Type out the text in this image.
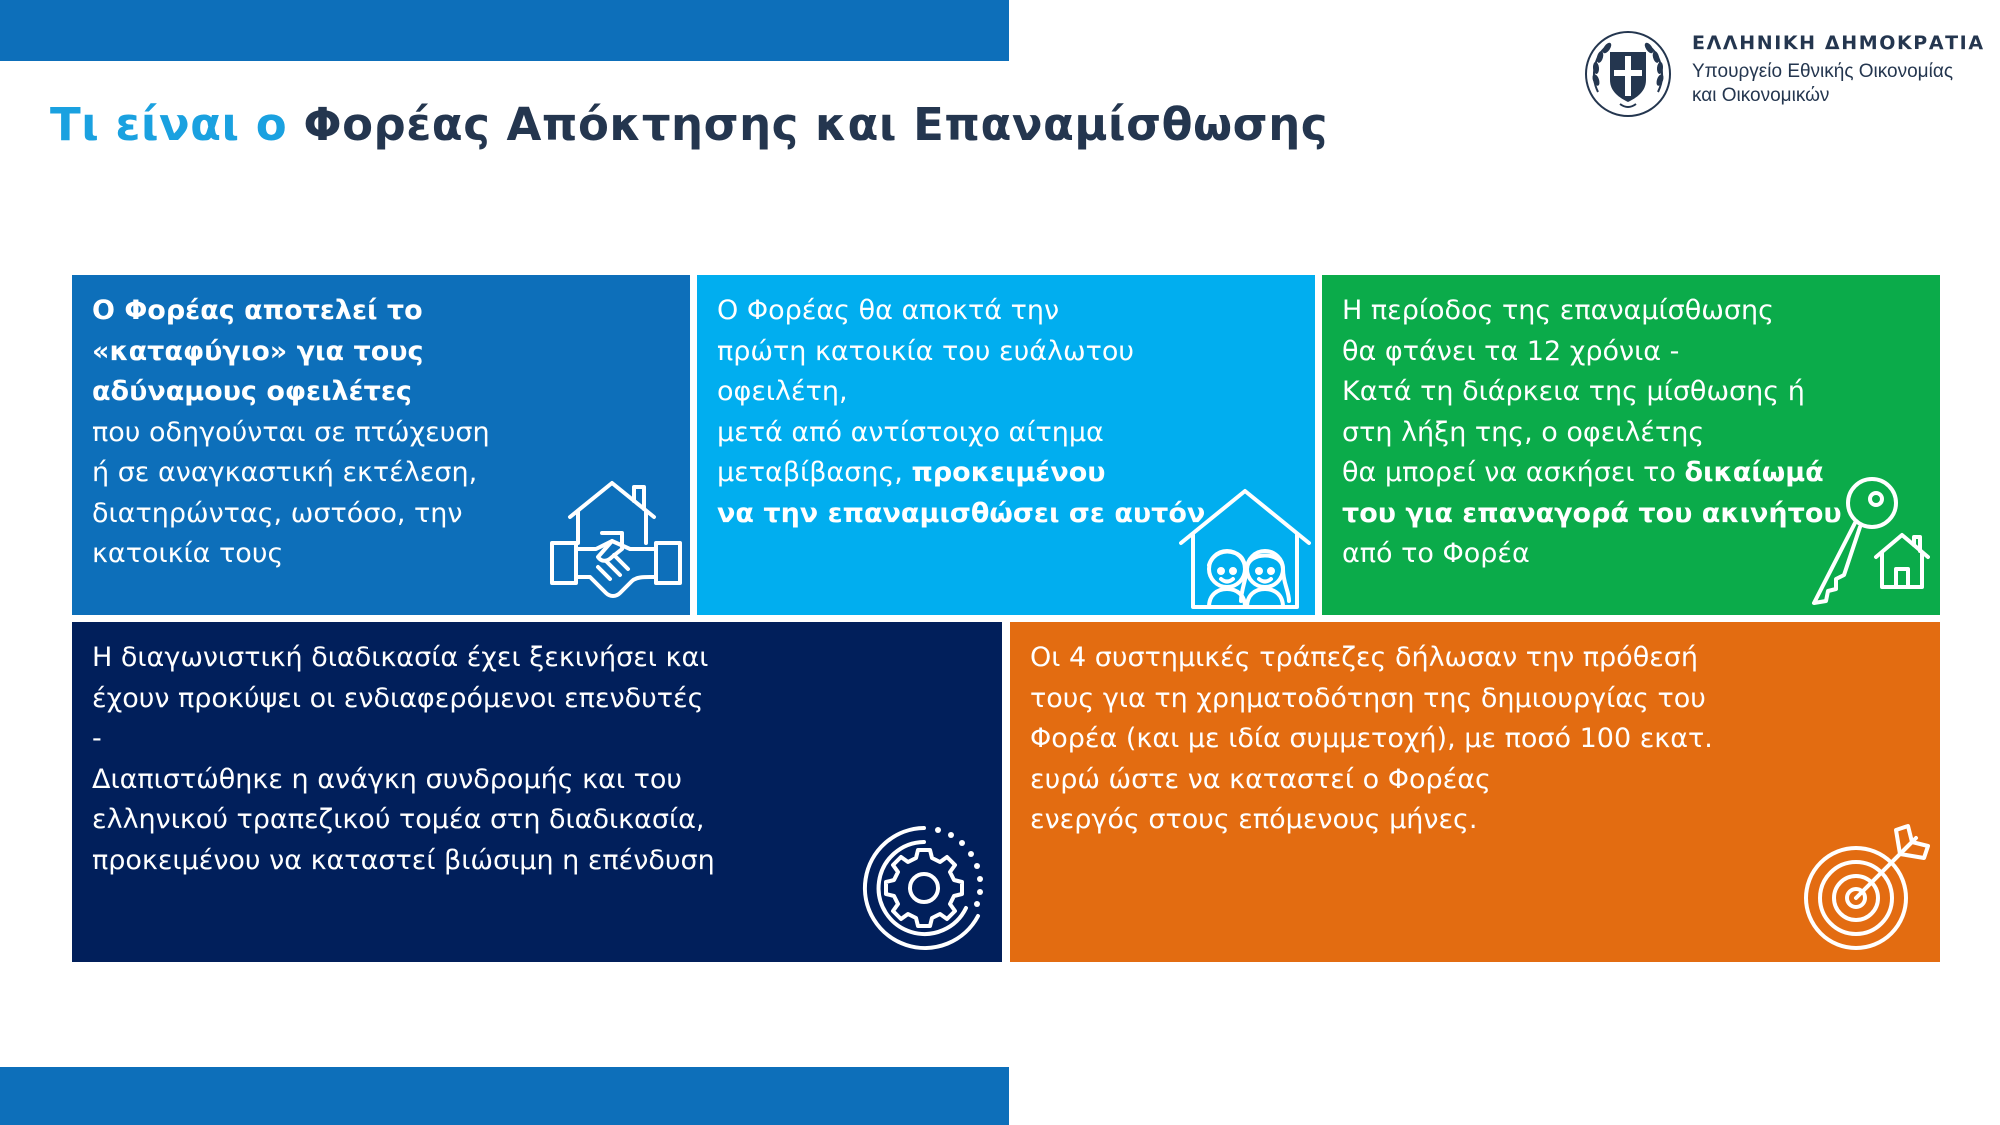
Τι είναι ο Φορέας Απόκτησης και Επαναμίσθωσης
ΕΛΛΗΝΙΚΗ ΔΗΜΟΚΡΑΤΙΑ
Υπουργείο Εθνικής Οικονομίας
και Οικονομικών
Ο Φορέας αποτελεί το
«καταφύγιο» για τους
αδύναμους οφειλέτες
που οδηγούνται σε πτώχευση
ή σε αναγκαστική εκτέλεση,
διατηρώντας, ωστόσο, την
κατοικία τους
Ο Φορέας θα αποκτά την
πρώτη κατοικία του ευάλωτου
οφειλέτη,
μετά από αντίστοιχο αίτημα
μεταβίβασης, προκειμένου
να την επαναμισθώσει σε αυτόν
Η περίοδος της επαναμίσθωσης
θα φτάνει τα 12 χρόνια -
Κατά τη διάρκεια της μίσθωσης ή
στη λήξη της, ο οφειλέτης
θα μπορεί να ασκήσει το δικαίωμά
του για επαναγορά του ακινήτου
από το Φορέα
Η διαγωνιστική διαδικασία έχει ξεκινήσει και
έχουν προκύψει οι ενδιαφερόμενοι επενδυτές
-
Διαπιστώθηκε η ανάγκη συνδρομής και του
ελληνικού τραπεζικού τομέα στη διαδικασία,
προκειμένου να καταστεί βιώσιμη η επένδυση
Οι 4 συστημικές τράπεζες δήλωσαν την πρόθεσή
τους για τη χρηματοδότηση της δημιουργίας του
Φορέα (και με ιδία συμμετοχή), με ποσό 100 εκατ.
ευρώ ώστε να καταστεί ο Φορέας
ενεργός στους επόμενους μήνες.
